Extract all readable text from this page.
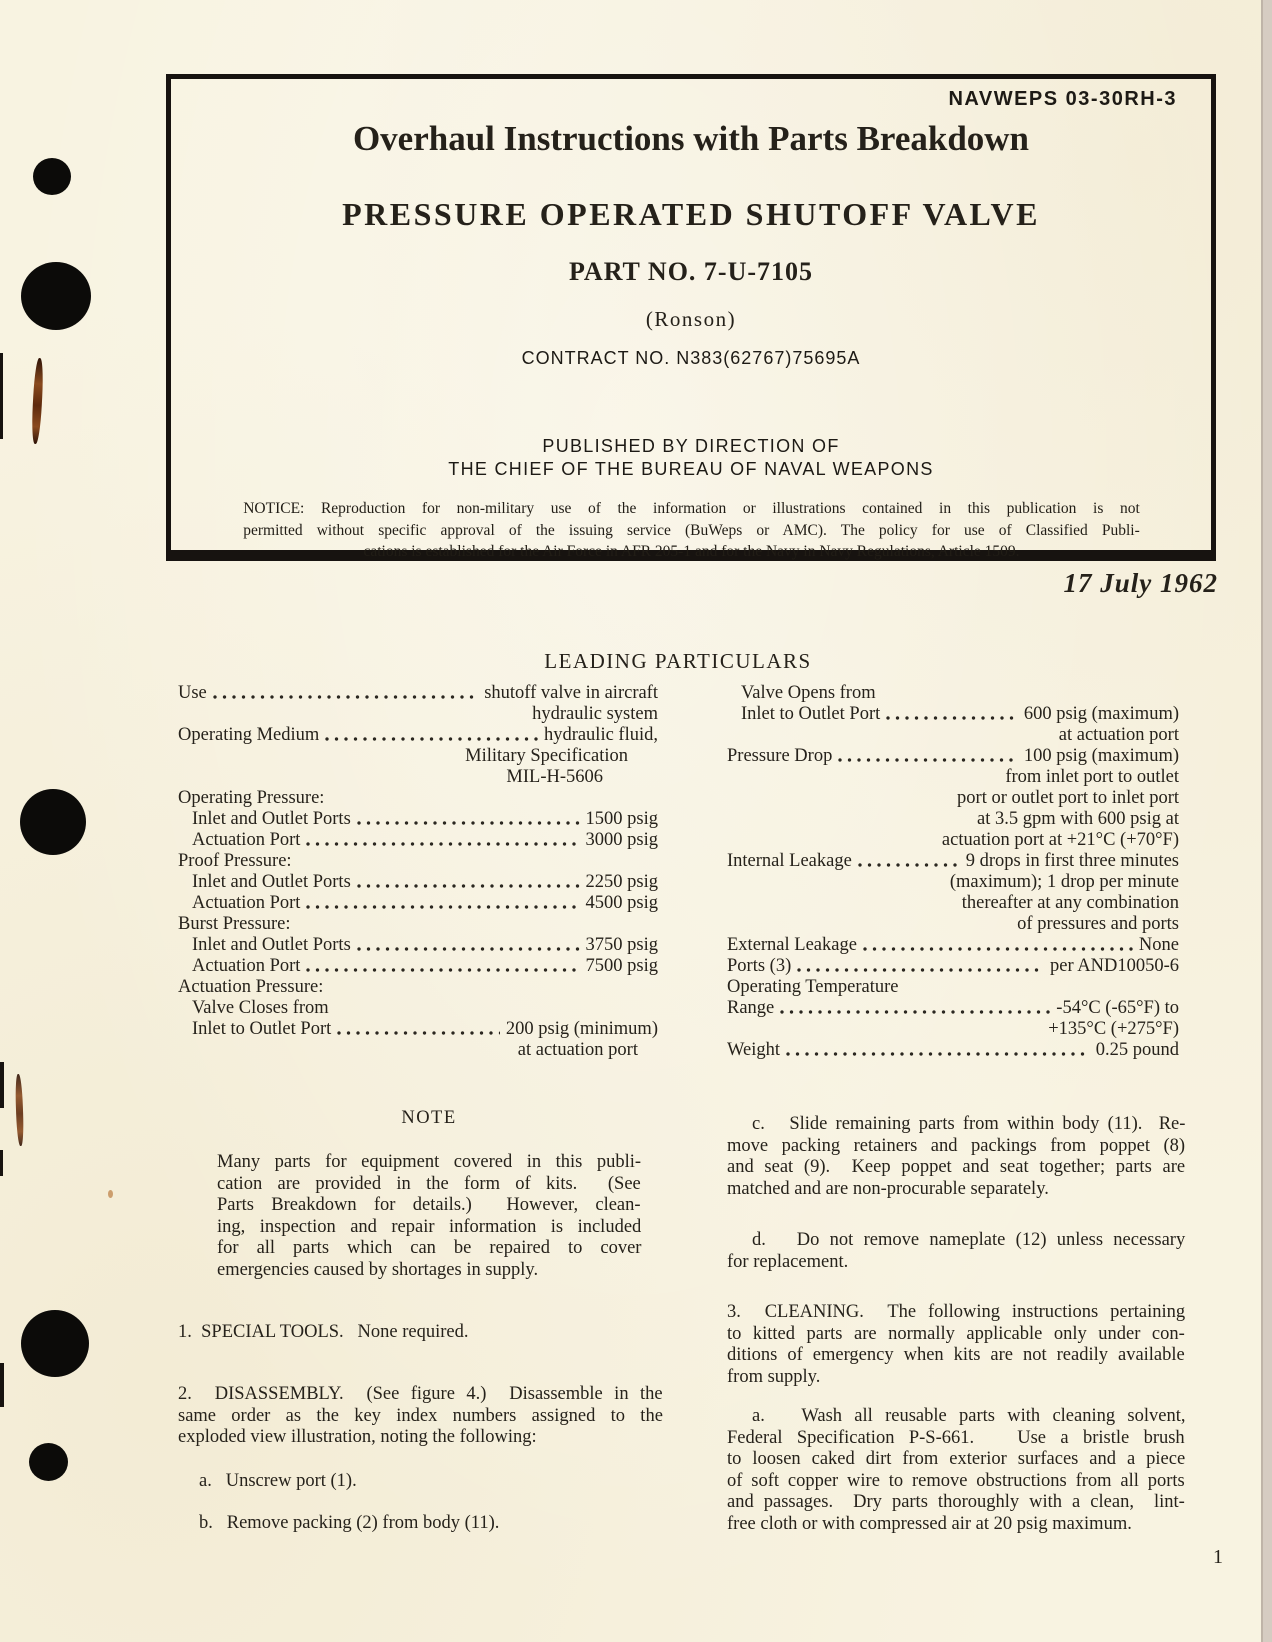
NAVWEPS 03-30RH-3
Overhaul Instructions with Parts Breakdown
PRESSURE OPERATED SHUTOFF VALVE
PART NO. 7-U-7105
(Ronson)
CONTRACT NO. N383(62767)75695A
PUBLISHED BY DIRECTION OF
THE CHIEF OF THE BUREAU OF NAVAL WEAPONS
NOTICE: Reproduction for non-military use of the information or illustrations contained in this publication is not
permitted without specific approval of the issuing service (BuWeps or AMC). The policy for use of Classified Publi-
cations is established for the Air Force in AFR 205-1 and for the Navy in Navy Regulations, Article 1509.
17 July 1962
LEADING PARTICULARS
Use	shutoff valve in aircraft
hydraulic system
Operating Medium	hydraulic fluid,
Military Specification
MIL-H-5606
Operating Pressure:
Inlet and Outlet Ports	1500 psig
Actuation Port	3000 psig
Proof Pressure:
Inlet and Outlet Ports	2250 psig
Actuation Port	4500 psig
Burst Pressure:
Inlet and Outlet Ports	3750 psig
Actuation Port	7500 psig
Actuation Pressure:
Valve Closes from
Inlet to Outlet Port	200 psig (minimum)
at actuation port
Valve Opens from
Inlet to Outlet Port	600 psig (maximum)
at actuation port
Pressure Drop	100 psig (maximum)
from inlet port to outlet
port or outlet port to inlet port
at 3.5 gpm with 600 psig at
actuation port at +21°C (+70°F)
Internal Leakage	9 drops in first three minutes
(maximum); 1 drop per minute
thereafter at any combination
of pressures and ports
External Leakage	None
Ports (3)	per AND10050-6
Operating Temperature
Range	-54°C (-65°F) to
+135°C (+275°F)
Weight	0.25 pound
NOTE
Many parts for equipment covered in this publi-
cation are provided in the form of kits.  (See
Parts Breakdown for details.)  However, clean-
ing, inspection and repair information is included
for all parts which can be repaired to cover
emergencies caused by shortages in supply.
1.  SPECIAL TOOLS.   None required.
2.  DISASSEMBLY.  (See figure 4.)  Disassemble in the
same order as the key index numbers assigned to the
exploded view illustration, noting the following:
a.   Unscrew port (1).
b.   Remove packing (2) from body (11).
c.   Slide remaining parts from within body (11).  Re-
move packing retainers and packings from poppet (8)
and seat (9).  Keep poppet and seat together; parts are
matched and are non-procurable separately.
d.   Do not remove nameplate (12) unless necessary
for replacement.
3.  CLEANING.  The following instructions pertaining
to kitted parts are normally applicable only under con-
ditions of emergency when kits are not readily available
from supply.
a.   Wash all reusable parts with cleaning solvent,
Federal Specification P-S-661.   Use a bristle brush
to loosen caked dirt from exterior surfaces and a piece
of soft copper wire to remove obstructions from all ports
and passages.  Dry parts thoroughly with a clean,  lint-
free cloth or with compressed air at 20 psig maximum.
1
